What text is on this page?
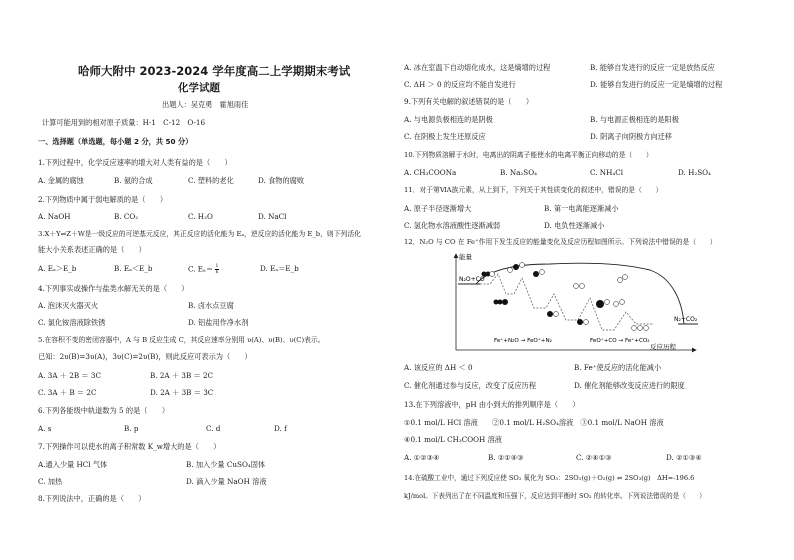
哈师大附中 2023-2024 学年度高二上学期期末考试
化学试题
出题人：吴克勇　霍旭雨佳
计算可能用到的相对原子质量：H-1　C-12　O-16
一、选择题（单选题，每小题 2 分，共 50 分）
1.下列过程中，化学反应速率的增大对人类有益的是（　　）
A. 金属的腐蚀	B. 氨的合成	C. 塑料的老化	D. 食物的腐败
2.下列物质中属于弱电解质的是（　　）
A. NaOH	B. CO₂	C. H₂O	D. NaCl
3.X＋Y⇌Z＋W是一级反应的可逆基元反应，其正反应的活化能为 Eₐ，逆反应的活化能为 E_b，则下列活化
能大小关系表述正确的是（　　）
A. Eₐ＞E_b	B. Eₐ＜E_b	C. $E_a= \frac{1}{E}$	D. Eₐ＝E_b
4.下列事实或操作与盐类水解无关的是（　　）
A. 泡沫灭火器灭火	B. 卤水点豆腐
C. 氯化铵溶液除铁锈	D. 铝盐用作净水剂
5.在容积不变的密闭容器中，A 与 B 反应生成 C，其反应速率分别用 υ(A)、υ(B)、υ(C)表示。
已知：2υ(B)=3υ(A)，3υ(C)=2υ(B)，则此反应可表示为（　　）
A. 3A ＋ 2B ＝ 3C	B. 2A ＋ 3B ＝ 2C
C. 3A ＋ B ＝ 2C	D. 2A ＋ 3B ＝ 3C
6.下列各能级中轨道数为 5 的是（　　）
A. s	B. p	C. d	D. f
7.下列操作可以使水的离子积常数 K_w增大的是（　　）
A.通入少量 HCl 气体	B. 加入少量 CuSO₄固体
C. 加热	D. 滴入少量 NaOH 溶液
8.下列说法中，正确的是（　　）
A. 冰在室温下自动熔化成水，这是熵增的过程	B. 能够自发进行的反应一定是放热反应
C. ΔH ＞ 0 的反应均不能自发进行	D. 能够自发进行的反应一定是熵增的过程
9.下列有关电解的叙述错误的是（　　）
A. 与电源负极相连的是阴极	B. 与电源正极相连的是阳极
C. 在阴极上发生还原反应	D. 阴离子向阴极方向迁移
10.下列物质溶解于水时，电离出的阴离子能使水的电离平衡正向移动的是（　　）
A. CH₃COONa	B. Na₂SO₄	C. NH₄Cl	D. H₂SO₄
11．对于第ⅥA族元素，从上到下，下列关于其性质变化的叙述中，错误的是（　　）
A. 原子半径逐渐增大	B. 第一电离能逐渐减小
C. 氢化物水溶液酸性逐渐减弱	D. 电负性逐渐减小
12．N₂O 与 CO 在 Fe⁺作用下发生反应的能量变化及反应历程如图所示。下列说法中错误的是（　　）
能量
反应历程
N₂O+CO
N₂+CO₂
Fe⁺+N₂O → FeO⁺+N₂	FeO⁺+CO → Fe⁺+CO₂
A. 该反应的 ΔH ＜ 0	B. Fe⁺使反应的活化能减小
C. 催化剂通过参与反应，改变了反应历程	D. 催化剂能够改变反应进行的限度
13.在下列溶液中，pH 由小到大的排列顺序是（　　）
①0.1 mol/L HCl 溶液　　②0.1 mol/L H₂SO₄溶液　③0.1 mol/L NaOH 溶液
④0.1 mol/L CH₃COOH 溶液
A. ①②③④	B. ②①④③	C. ②④①③	D. ②①③④
14.在硫酸工业中，通过下列反应使 SO₂ 氧化为 SO₃：2SO₂(g)＋O₂(g) ⇌ 2SO₃(g)　ΔH=-196.6
kJ/mol。下表列出了在不同温度和压强下，反应达到平衡时 SO₂ 的转化率。下列说法错误的是（　　）
